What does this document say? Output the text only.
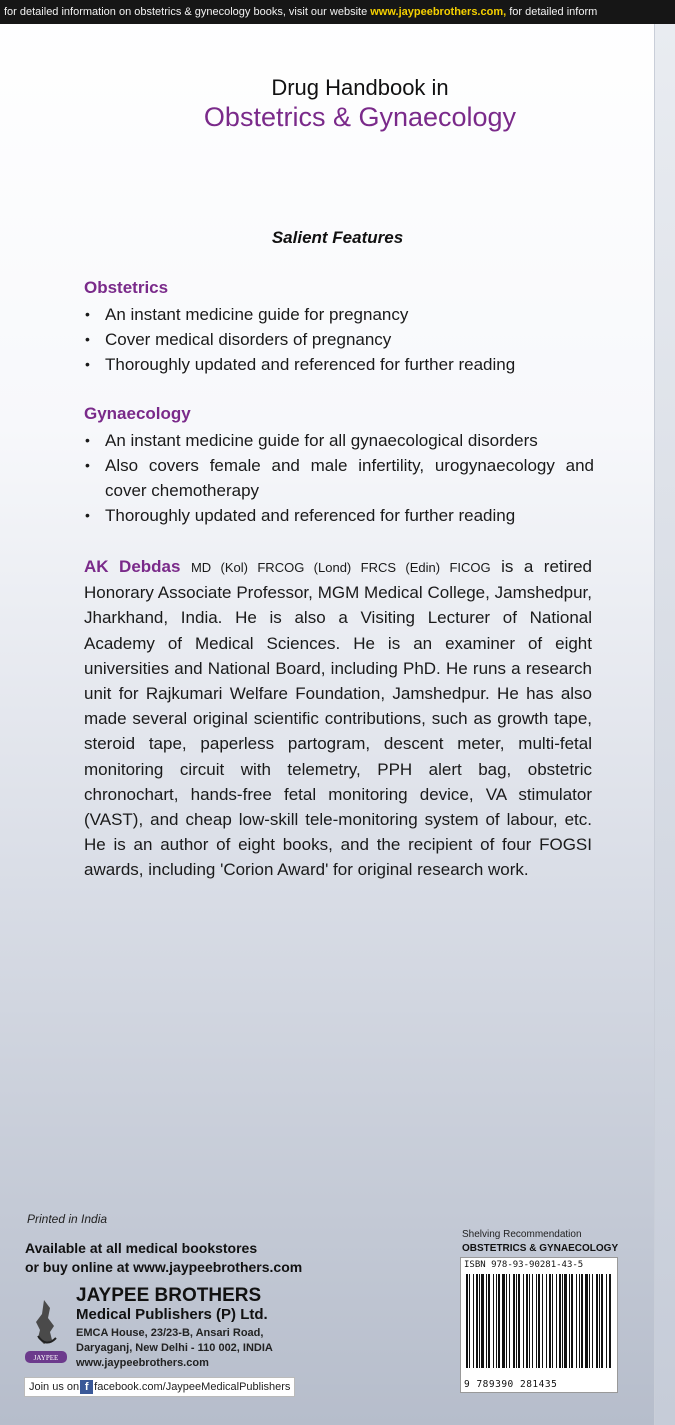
for detailed information on obstetrics & gynecology books, visit our website www.jaypeebrothers.com, for detailed inform
Drug Handbook in
Obstetrics & Gynaecology
Salient Features
Obstetrics
• An instant medicine guide for pregnancy
• Cover medical disorders of pregnancy
• Thoroughly updated and referenced for further reading
Gynaecology
• An instant medicine guide for all gynaecological disorders
• Also covers female and male infertility, urogynaecology and cover chemotherapy
• Thoroughly updated and referenced for further reading
AK Debdas MD (Kol) FRCOG (Lond) FRCS (Edin) FICOG is a retired Honorary Associate Professor, MGM Medical College, Jamshedpur, Jharkhand, India. He is also a Visiting Lecturer of National Academy of Medical Sciences. He is an examiner of eight universities and National Board, including PhD. He runs a research unit for Rajkumari Welfare Foundation, Jamshedpur. He has also made several original scientific contributions, such as growth tape, steroid tape, paperless partogram, descent meter, multi-fetal monitoring circuit with telemetry, PPH alert bag, obstetric chronochart, hands-free fetal monitoring device, VA stimulator (VAST), and cheap low-skill tele-monitoring system of labour, etc. He is an author of eight books, and the recipient of four FOGSI awards, including 'Corion Award' for original research work.
Printed in India
Available at all medical bookstores
or buy online at www.jaypeebrothers.com
JAYPEE
JAYPEE BROTHERS
Medical Publishers (P) Ltd.
EMCA House, 23/23-B, Ansari Road,
Daryaganj, New Delhi - 110 002, INDIA
www.jaypeebrothers.com
Join us on f facebook.com/JaypeeMedicalPublishers
Shelving Recommendation
OBSTETRICS & GYNAECOLOGY
ISBN 978-93-90281-43-5
9 789390 281435
